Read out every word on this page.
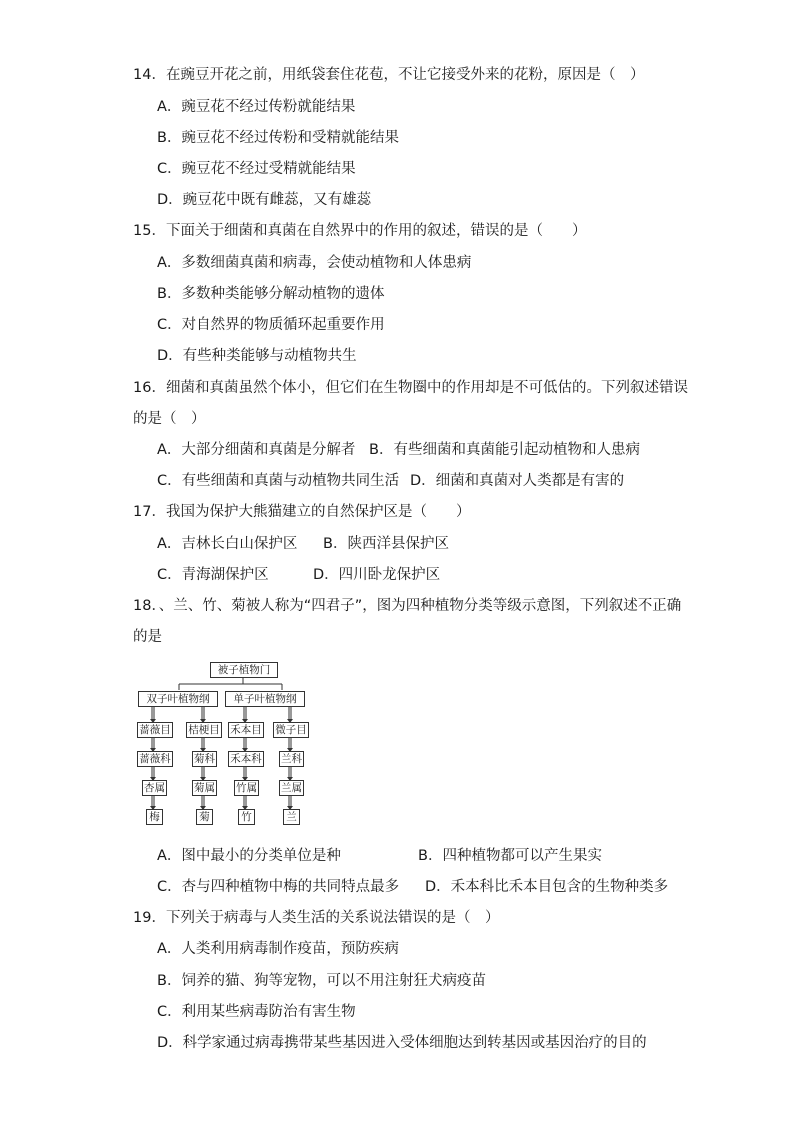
14．在豌豆开花之前，用纸袋套住花苞，不让它接受外来的花粉，原因是（　）
A．豌豆花不经过传粉就能结果
B．豌豆花不经过传粉和受精就能结果
C．豌豆花不经过受精就能结果
D．豌豆花中既有雌蕊，又有雄蕊
15．下面关于细菌和真菌在自然界中的作用的叙述，错误的是（　　）
A．多数细菌真菌和病毒，会使动植物和人体患病
B．多数种类能够分解动植物的遗体
C．对自然界的物质循环起重要作用
D．有些种类能够与动植物共生
16．细菌和真菌虽然个体小，但它们在生物圈中的作用却是不可低估的。下列叙述错误
的是（　）
A．大部分细菌和真菌是分解者 B．有些细菌和真菌能引起动植物和人患病
C．有些细菌和真菌与动植物共同生活 D．细菌和真菌对人类都是有害的
17．我国为保护大熊猫建立的自然保护区是（　　）
A．吉林长白山保护区 B．陕西洋县保护区
C．青海湖保护区	D．四川卧龙保护区
18．、兰、竹、菊被人称为“四君子”，图为四种植物分类等级示意图，下列叙述不正确
的是
被子植物门
双子叶植物纲	单子叶植物纲
蔷薇目 桔梗目 禾本目 微子目
蔷薇科 菊科 禾本科 兰科
杏属	菊属 竹属 兰属
梅	菊	竹	兰
A．图中最小的分类单位是种	B．四种植物都可以产生果实
C．杏与四种植物中梅的共同特点最多 D．禾本科比禾本目包含的生物种类多
19．下列关于病毒与人类生活的关系说法错误的是（　）
A．人类利用病毒制作疫苗，预防疾病
B．饲养的猫、狗等宠物，可以不用注射狂犬病疫苗
C．利用某些病毒防治有害生物
D．科学家通过病毒携带某些基因进入受体细胞达到转基因或基因治疗的目的
